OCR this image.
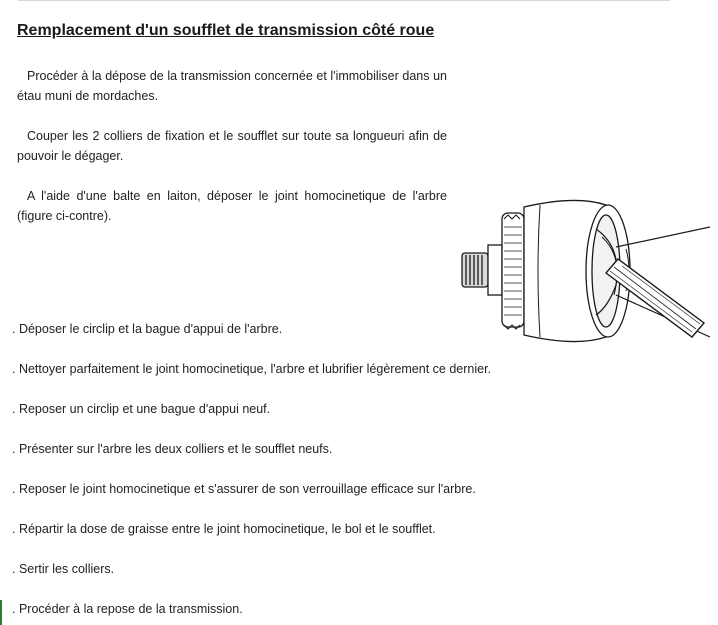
Remplacement d'un soufflet de transmission côté roue
Procéder à la dépose de la transmission concernée et l'immobiliser dans un étau muni de mordaches.
Couper les 2 colliers de fixation et le soufflet sur toute sa longueuri afin de pouvoir le dégager.
A l'aide d'une balte en laiton, déposer le joint homocinetique de l'arbre (figure ci-contre).
. Déposer le circlip et la bague d'appui de l'arbre.
. Nettoyer parfaitement le joint homocinetique, l'arbre et lubrifier légèrement ce dernier.
. Reposer un circlip et une bague d'appui neuf.
. Présenter sur l'arbre les deux colliers et le soufflet neufs.
. Reposer le joint homocinetique et s'assurer de son verrouillage efficace sur l'arbre.
. Répartir la dose de graisse entre le joint homocinetique, le bol et le soufflet.
. Sertir les colliers.
. Procéder à la repose de la transmission.
